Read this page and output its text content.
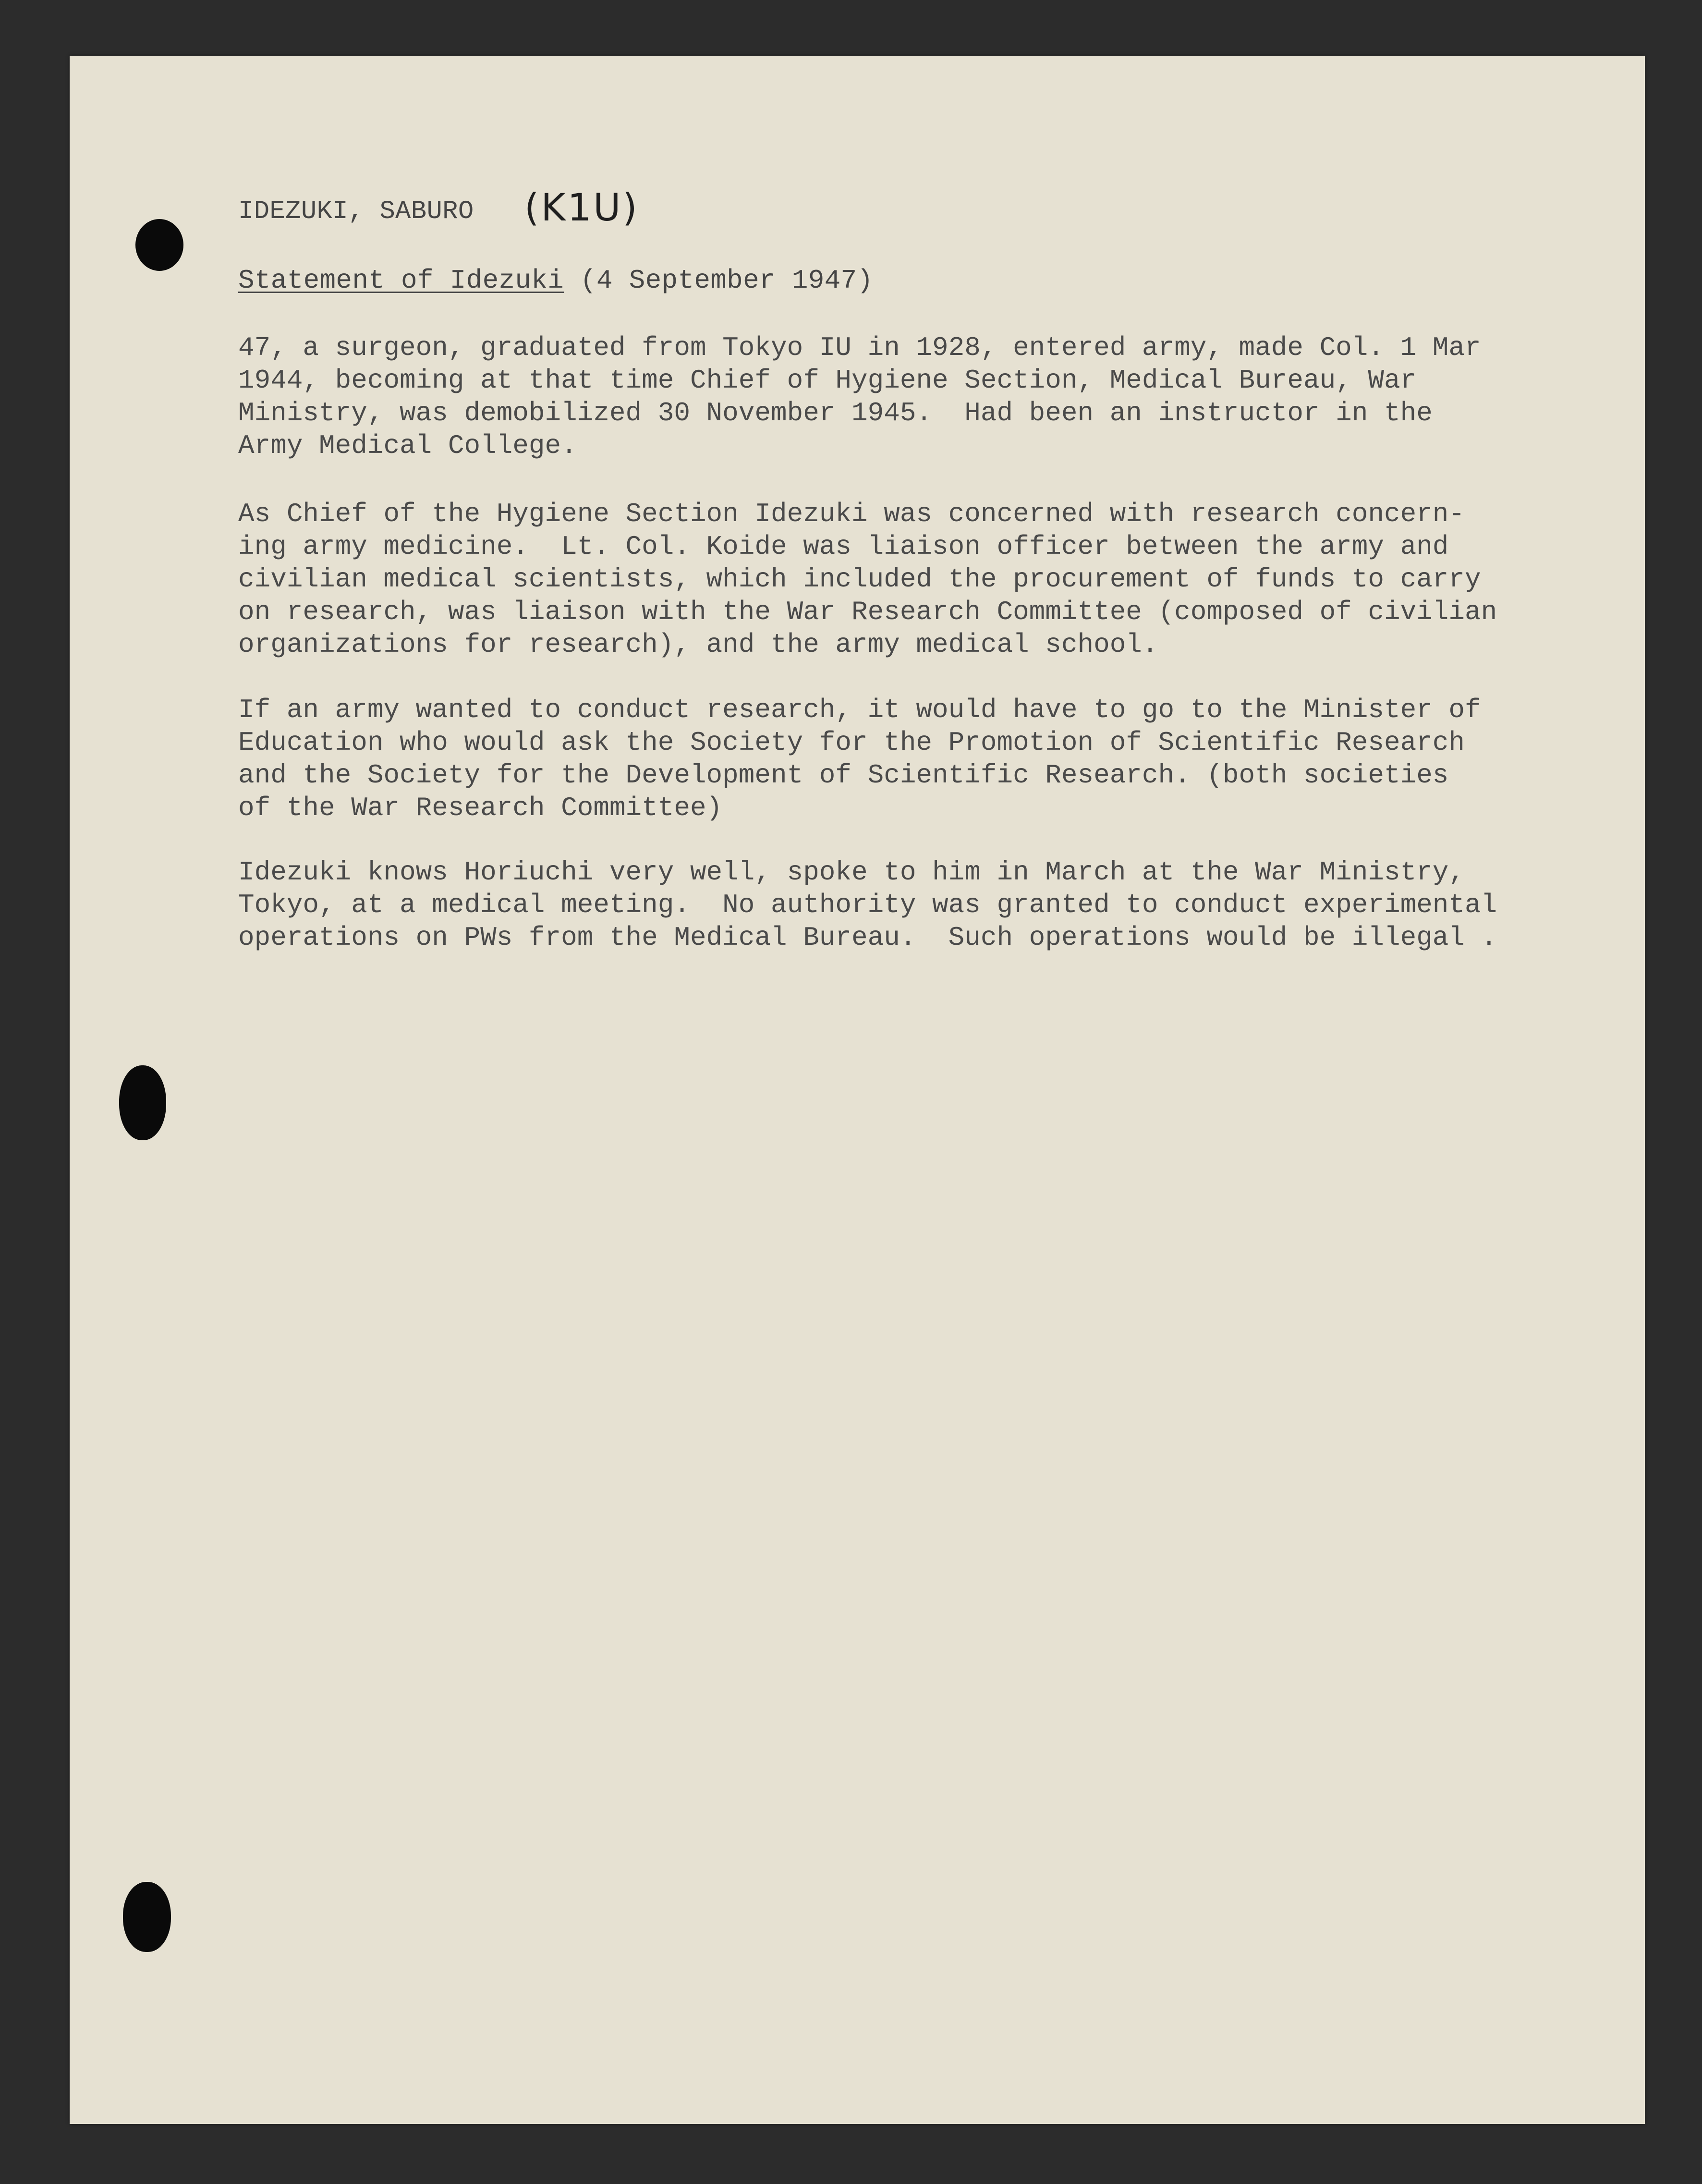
IDEZUKI, SABURO (K1U)
Statement of Idezuki (4 September 1947)
47, a surgeon, graduated from Tokyo IU in 1928, entered army, made Col. 1 Mar
1944, becoming at that time Chief of Hygiene Section, Medical Bureau, War
Ministry, was demobilized 30 November 1945.  Had been an instructor in the
Army Medical College.
As Chief of the Hygiene Section Idezuki was concerned with research concern-
ing army medicine.  Lt. Col. Koide was liaison officer between the army and
civilian medical scientists, which included the procurement of funds to carry
on research, was liaison with the War Research Committee (composed of civilian
organizations for research), and the army medical school.
If an army wanted to conduct research, it would have to go to the Minister of
Education who would ask the Society for the Promotion of Scientific Research
and the Society for the Development of Scientific Research. (both societies
of the War Research Committee)
Idezuki knows Horiuchi very well, spoke to him in March at the War Ministry,
Tokyo, at a medical meeting.  No authority was granted to conduct experimental
operations on PWs from the Medical Bureau.  Such operations would be illegal .
